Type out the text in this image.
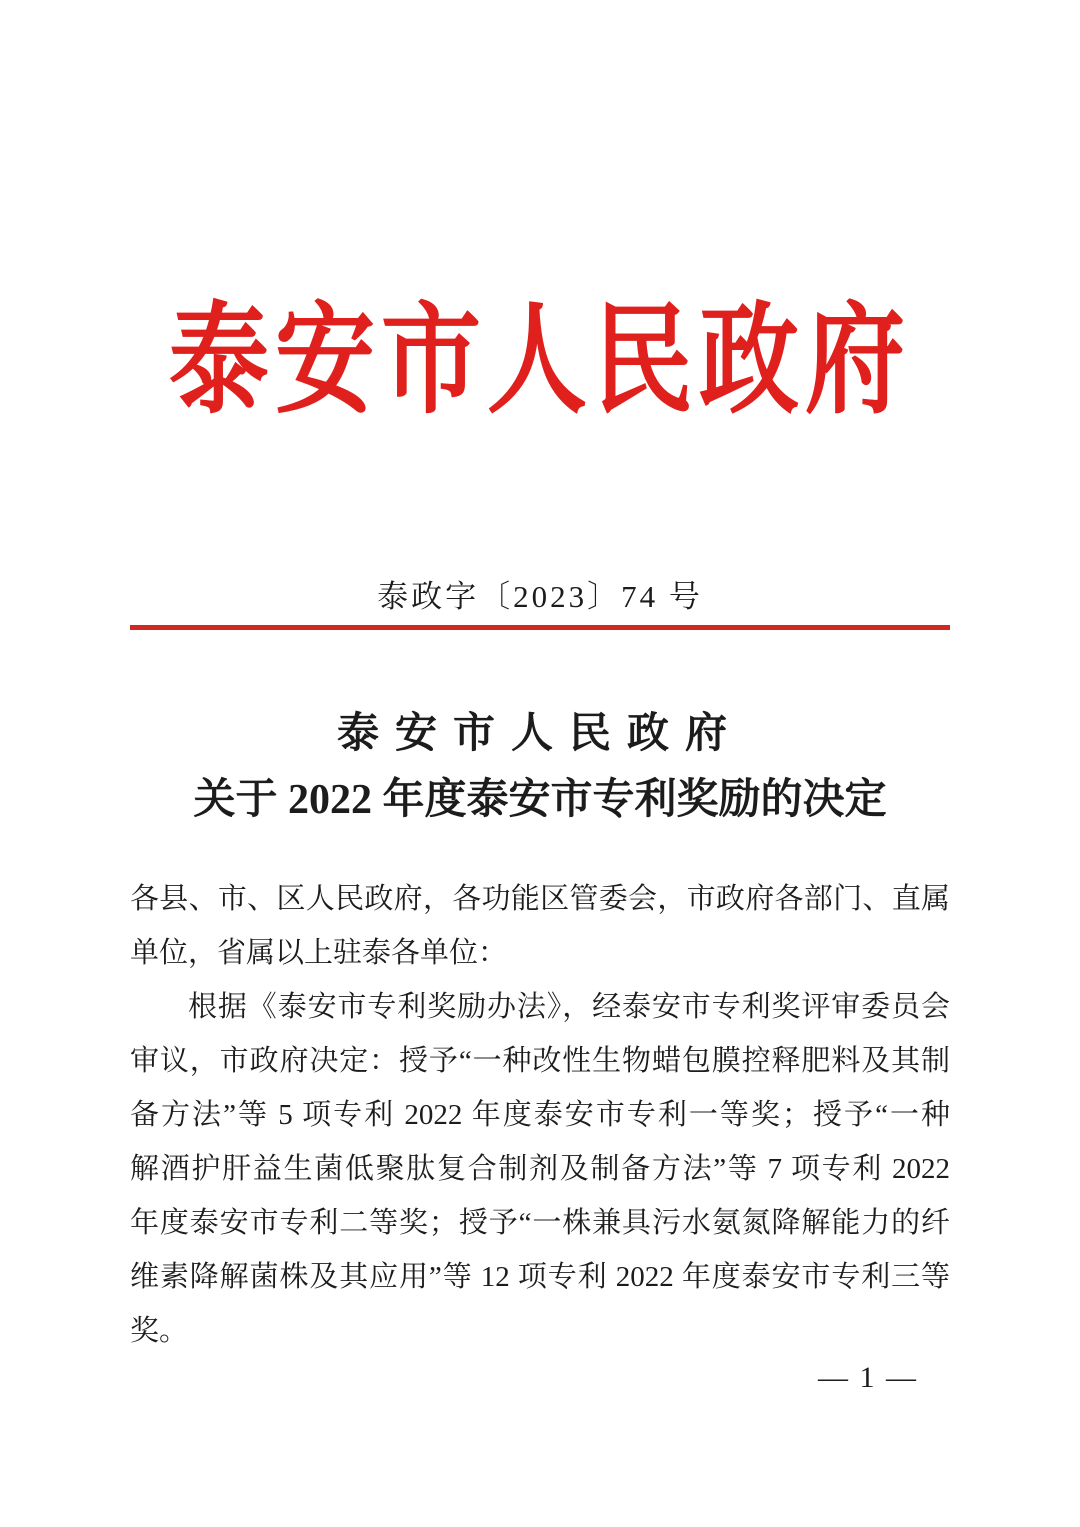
泰安市人民政府
泰政字〔2023〕74 号
泰安市人民政府
关于 2022 年度泰安市专利奖励的决定
各县、市、区人民政府，各功能区管委会，市政府各部门、直属
单位，省属以上驻泰各单位：
根据《泰安市专利奖励办法》，经泰安市专利奖评审委员会
审议，市政府决定：授予“一种改性生物蜡包膜控释肥料及其制
备方法”等 5 项专利 2022 年度泰安市专利一等奖；授予“一种
解酒护肝益生菌低聚肽复合制剂及制备方法”等 7 项专利 2022
年度泰安市专利二等奖；授予“一株兼具污水氨氮降解能力的纤
维素降解菌株及其应用”等 12 项专利 2022 年度泰安市专利三等
奖。
— 1 —
